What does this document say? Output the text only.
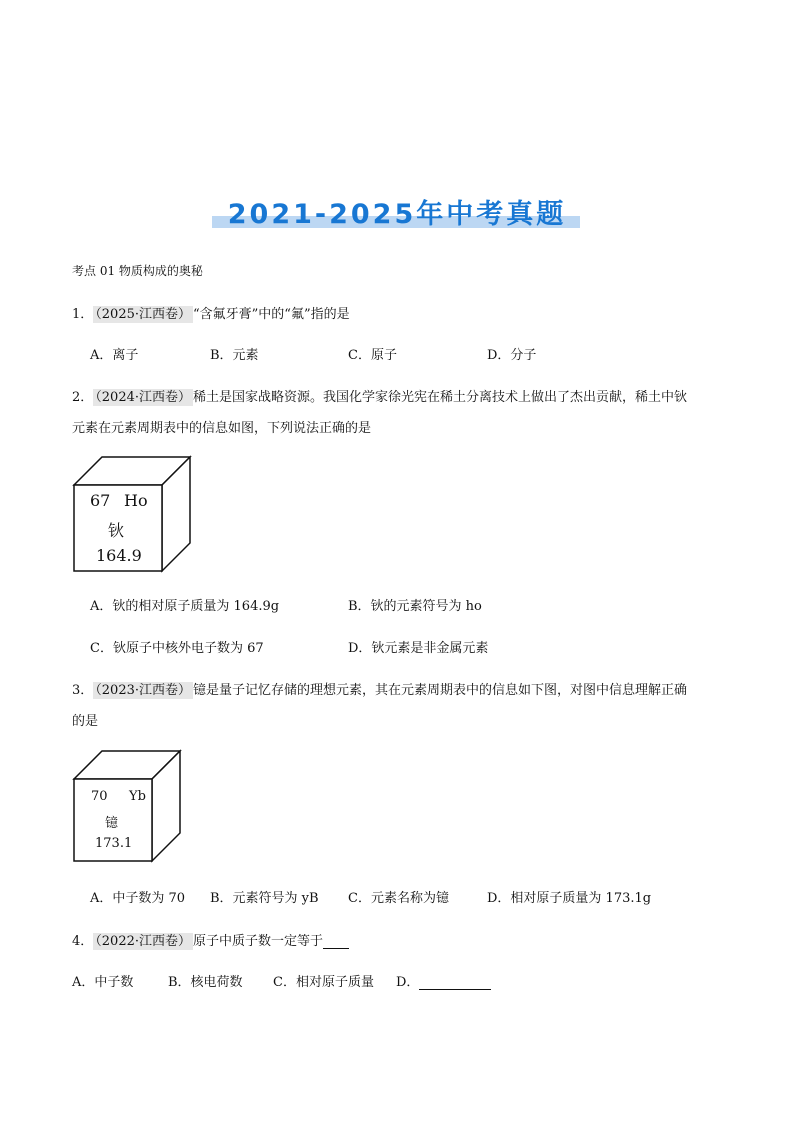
2021-2025年中考真题
考点 01 物质构成的奥秘
1． （2025·江西卷） “含氟牙膏”中的“氟”指的是
A．离子	B．元素	C．原子	D．分子
2． （2024·江西卷） 稀土是国家战略资源。我国化学家徐光宪在稀土分离技术上做出了杰出贡献，稀土中钬
元素在元素周期表中的信息如图，下列说法正确的是
67 Ho
钬
164.9
A．钬的相对原子质量为 164.9g	B．钬的元素符号为 ho
C．钬原子中核外电子数为 67	D．钬元素是非金属元素
3． （2023·江西卷） 镱是量子记忆存储的理想元素，其在元素周期表中的信息如下图，对图中信息理解正确
的是
70 Yb
镱
173.1
A．中子数为 70 B．元素符号为 yB C．元素名称为镱	D．相对原子质量为 173.1g
4． （2022·江西卷） 原子中质子数一定等于
A．中子数	B．核电荷数 C．相对原子质量 D．
